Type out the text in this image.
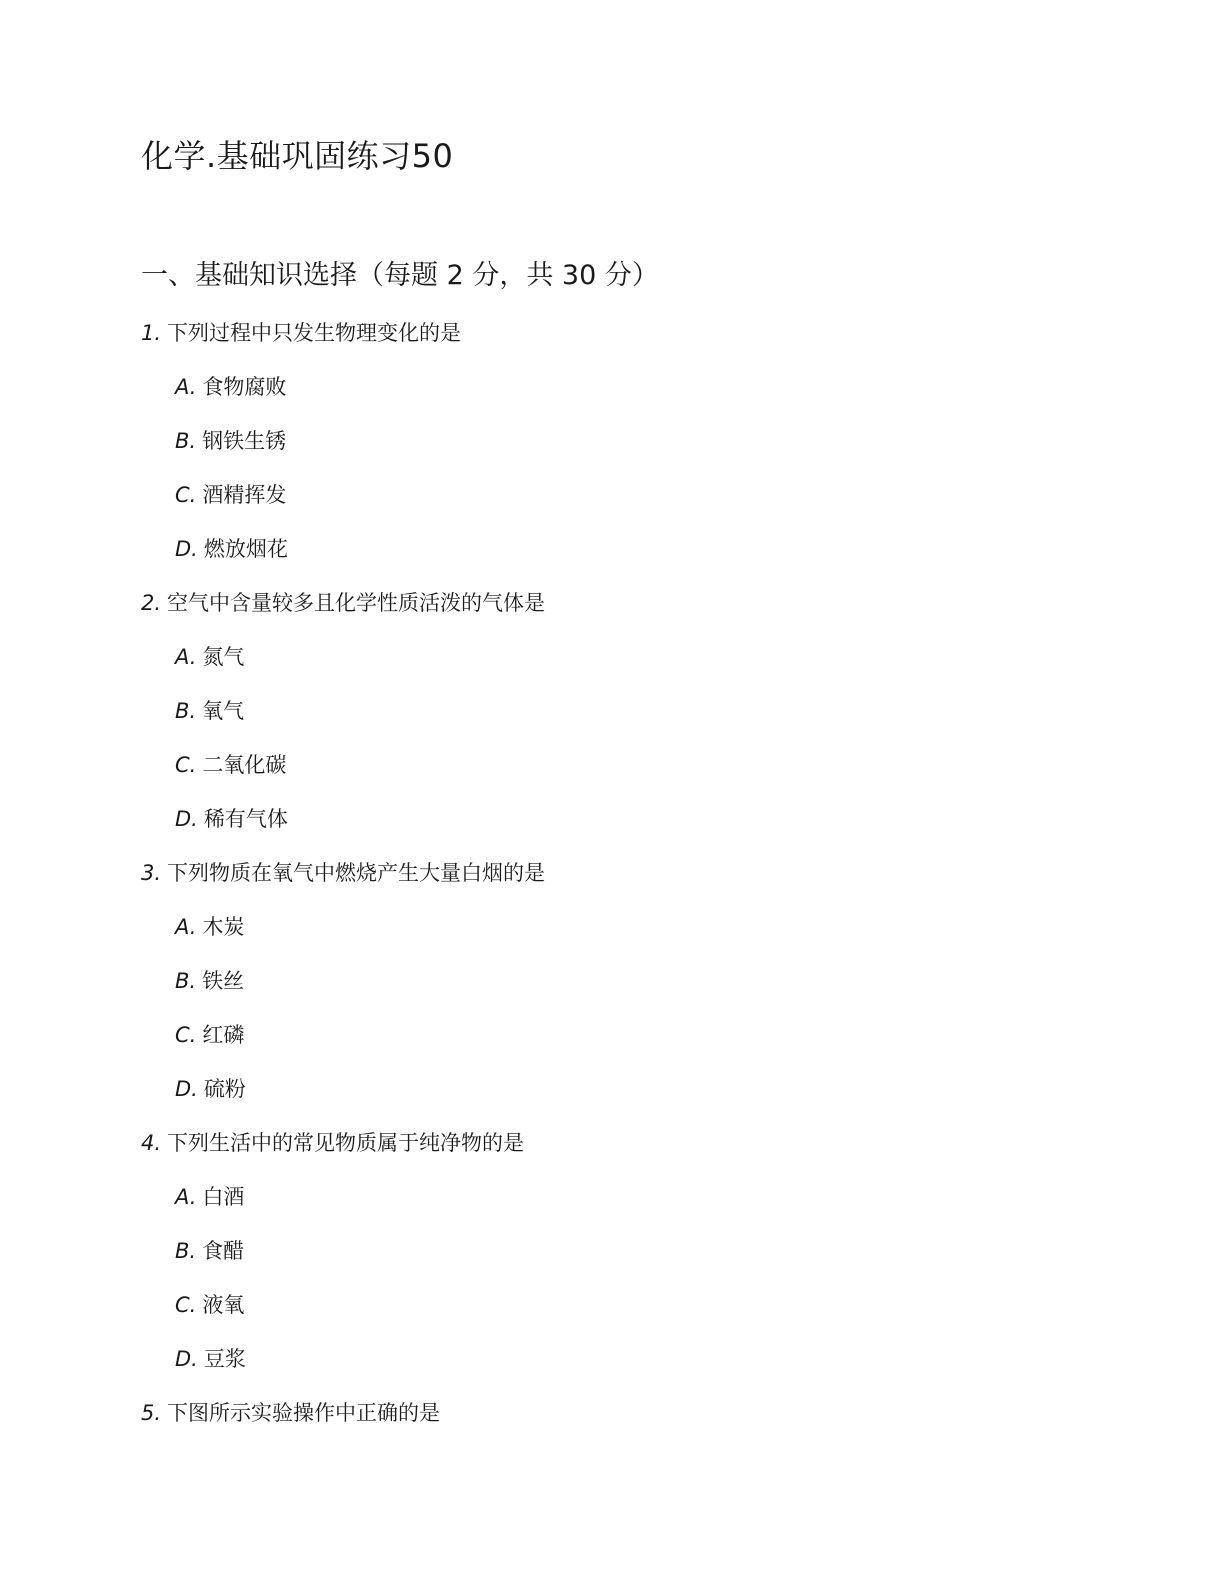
化学.基础巩固练习50
一、基础知识选择（每题 2 分，共 30 分）
1. 下列过程中只发生物理变化的是
A. 食物腐败
B. 钢铁生锈
C. 酒精挥发
D. 燃放烟花
2. 空气中含量较多且化学性质活泼的气体是
A. 氮气
B. 氧气
C. 二氧化碳
D. 稀有气体
3. 下列物质在氧气中燃烧产生大量白烟的是
A. 木炭
B. 铁丝
C. 红磷
D. 硫粉
4. 下列生活中的常见物质属于纯净物的是
A. 白酒
B. 食醋
C. 液氧
D. 豆浆
5. 下图所示实验操作中正确的是
